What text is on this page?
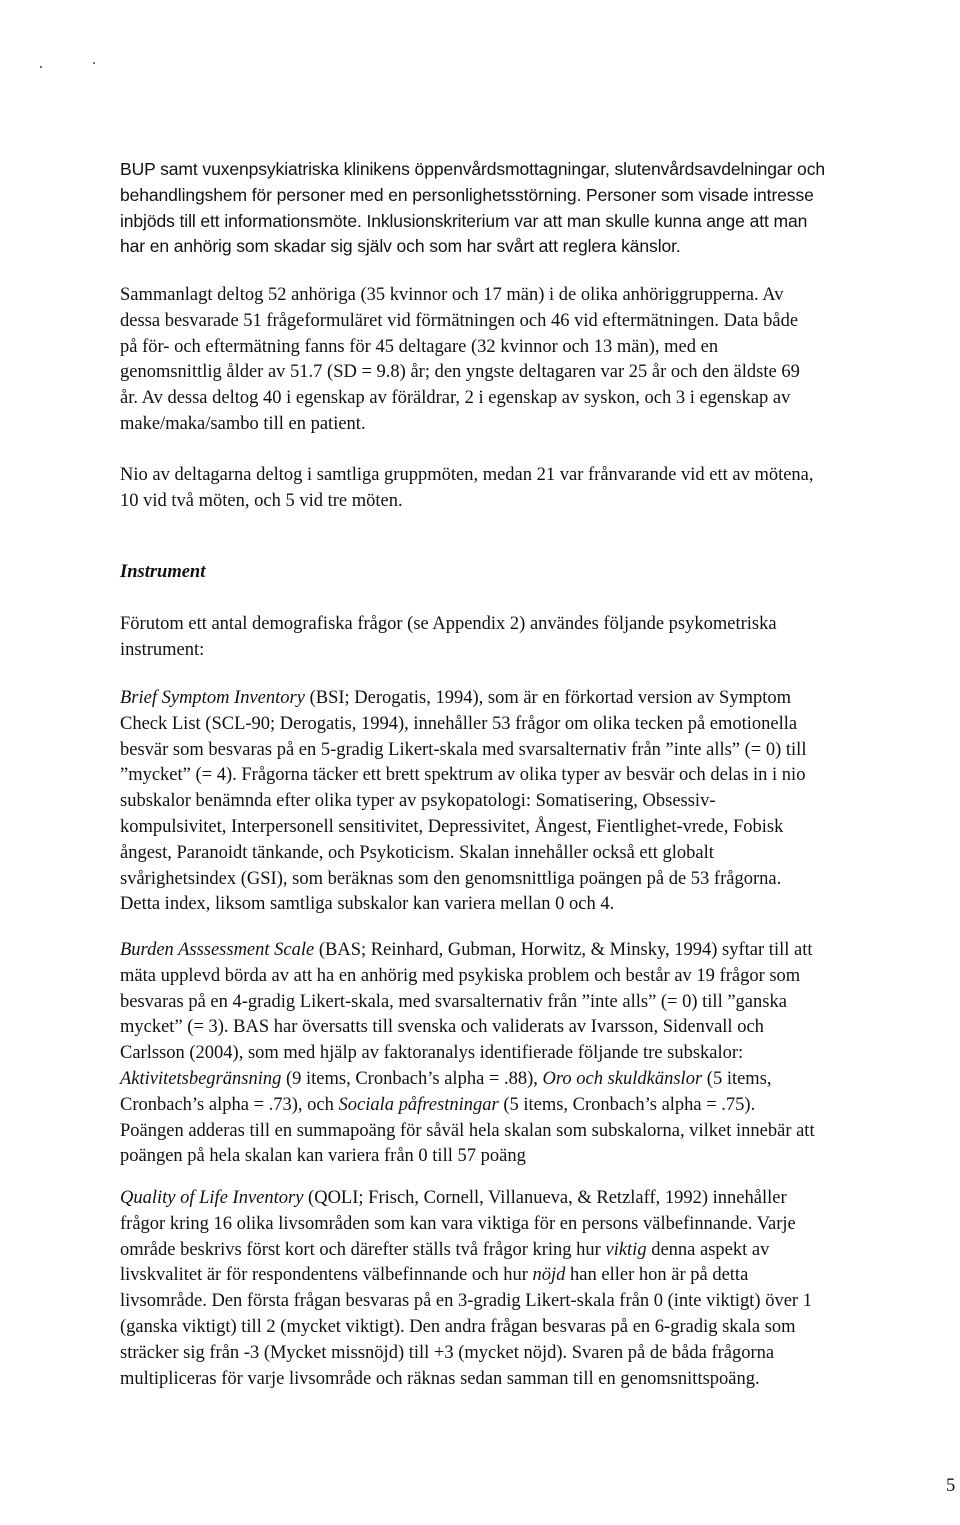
BUP samt vuxenpsykiatriska klinikens öppenvårdsmottagningar, slutenvårdsavdelningar och
behandlingshem för personer med en personlighetsstörning. Personer som visade intresse
inbjöds till ett informationsmöte. Inklusionskriterium var att man skulle kunna ange att man
har en anhörig som skadar sig själv och som har svårt att reglera känslor.

Sammanlagt deltog 52 anhöriga (35 kvinnor och 17 män) i de olika anhöriggrupperna. Av
dessa besvarade 51 frågeformuläret vid förmätningen och 46 vid eftermätningen. Data både
på för- och eftermätning fanns för 45 deltagare (32 kvinnor och 13 män), med en
genomsnittlig ålder av 51.7 (SD = 9.8) år; den yngste deltagaren var 25 år och den äldste 69
år. Av dessa deltog 40 i egenskap av föräldrar, 2 i egenskap av syskon, och 3 i egenskap av
make/maka/sambo till en patient.

Nio av deltagarna deltog i samtliga gruppmöten, medan 21 var frånvarande vid ett av mötena,
10 vid två möten, och 5 vid tre möten.

Instrument

Förutom ett antal demografiska frågor (se Appendix 2) användes följande psykometriska
instrument:

Brief Symptom Inventory (BSI; Derogatis, 1994), som är en förkortad version av Symptom
Check List (SCL-90; Derogatis, 1994), innehåller 53 frågor om olika tecken på emotionella
besvär som besvaras på en 5-gradig Likert-skala med svarsalternativ från ”inte alls” (= 0) till
”mycket” (= 4). Frågorna täcker ett brett spektrum av olika typer av besvär och delas in i nio
subskalor benämnda efter olika typer av psykopatologi: Somatisering, Obsessiv-
kompulsivitet, Interpersonell sensitivitet, Depressivitet, Ångest, Fientlighet-vrede, Fobisk
ångest, Paranoidt tänkande, och Psykoticism. Skalan innehåller också ett globalt
svårighetsindex (GSI), som beräknas som den genomsnittliga poängen på de 53 frågorna.
Detta index, liksom samtliga subskalor kan variera mellan 0 och 4.

Burden Asssessment Scale (BAS; Reinhard, Gubman, Horwitz, & Minsky, 1994) syftar till att
mäta upplevd börda av att ha en anhörig med psykiska problem och består av 19 frågor som
besvaras på en 4-gradig Likert-skala, med svarsalternativ från ”inte alls” (= 0) till ”ganska
mycket” (= 3). BAS har översatts till svenska och validerats av Ivarsson, Sidenvall och
Carlsson (2004), som med hjälp av faktoranalys identifierade följande tre subskalor:
Aktivitetsbegränsning (9 items, Cronbach’s alpha = .88), Oro och skuldkänslor (5 items,
Cronbach’s alpha = .73), och Sociala påfrestningar (5 items, Cronbach’s alpha = .75).
Poängen adderas till en summapoäng för såväl hela skalan som subskalorna, vilket innebär att
poängen på hela skalan kan variera från 0 till 57 poäng

Quality of Life Inventory (QOLI; Frisch, Cornell, Villanueva, & Retzlaff, 1992) innehåller
frågor kring 16 olika livsområden som kan vara viktiga för en persons välbefinnande. Varje
område beskrivs först kort och därefter ställs två frågor kring hur viktig denna aspekt av
livskvalitet är för respondentens välbefinnande och hur nöjd han eller hon är på detta
livsområde. Den första frågan besvaras på en 3-gradig Likert-skala från 0 (inte viktigt) över 1
(ganska viktigt) till 2 (mycket viktigt). Den andra frågan besvaras på en 6-gradig skala som
sträcker sig från -3 (Mycket missnöjd) till +3 (mycket nöjd). Svaren på de båda frågorna
multipliceras för varje livsområde och räknas sedan samman till en genomsnittspoäng.

5
